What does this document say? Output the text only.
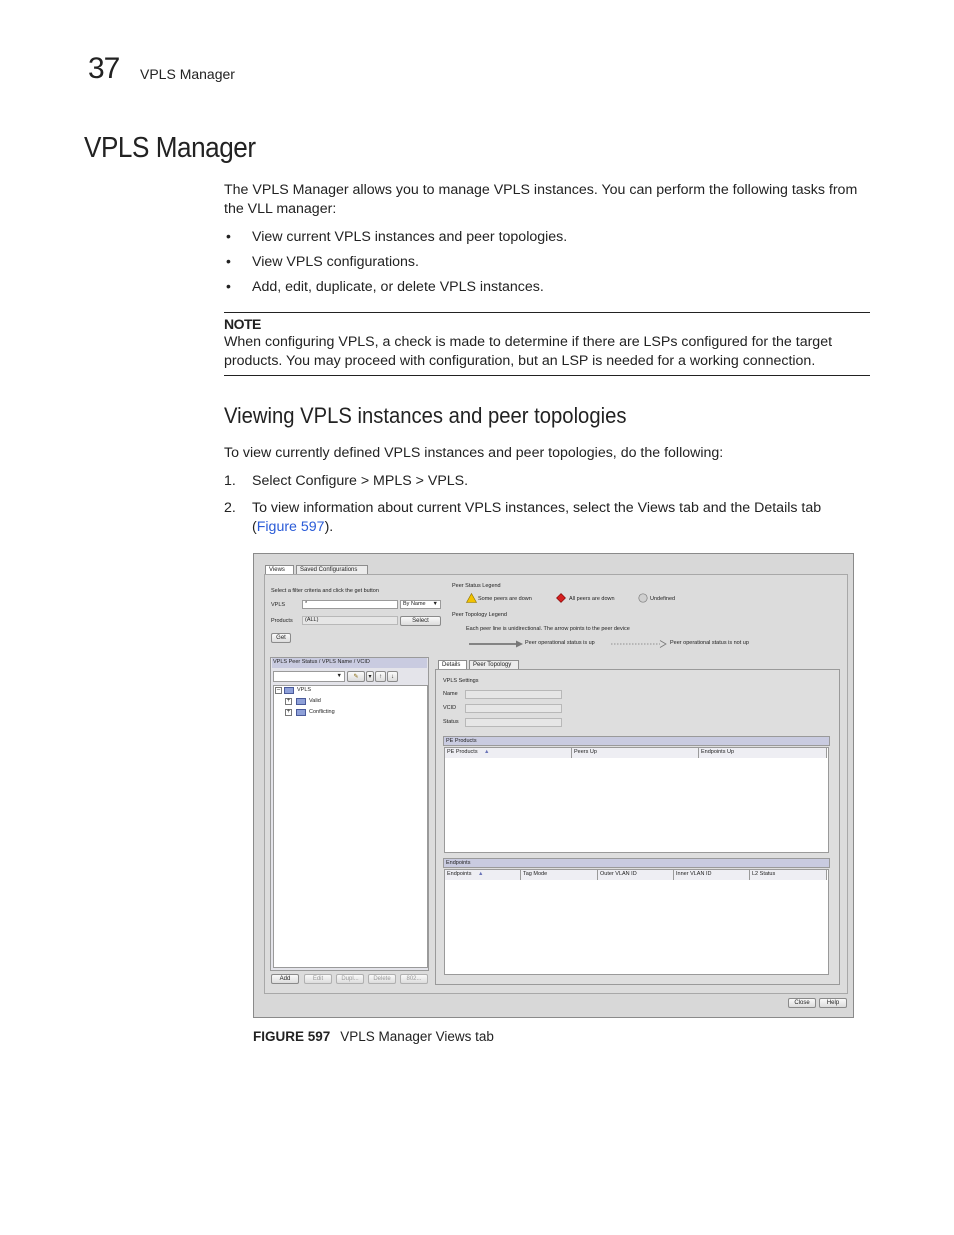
37 VPLS Manager
VPLS Manager
The VPLS Manager allows you to manage VPLS instances. You can perform the following tasks from the VLL manager:
• View current VPLS instances and peer topologies.
• View VPLS configurations.
• Add, edit, duplicate, or delete VPLS instances.
NOTE
When configuring VPLS, a check is made to determine if there are LSPs configured for the target products. You may proceed with configuration, but an LSP is needed for a working connection.
Viewing VPLS instances and peer topologies
To view currently defined VPLS instances and peer topologies, do the following:
1. Select Configure > MPLS > VPLS.
2. To view information about current VPLS instances, select the Views tab and the Details tab
(Figure 597).
Views	Saved Configurations
Select a filter criteria and click the get button
VPLS	*	By Name ▼
Products	(ALL)	Select
Get
Peer Status Legend
Some peers are down	All peers are down	Undefined
Peer Topology Legend
Each peer line is unidirectional. The arrow points to the peer device
Peer operational status is up	Peer operational status is not up
VPLS Peer Status / VPLS Name / VCID
▼	✎	▾	↑	↓
–	VPLS
+	Valid
+	Conflicting
Add	Edit	Dupl...	Delete	802...
Details	Peer Topology
VPLS Settings
Name
VCID
Status
PE Products
PE Products	Peers Up	Endpoints Up
▲
Endpoints
Endpoints	Tag Mode	Outer VLAN ID	Inner VLAN ID	L2 Status
▲
Close	Help
FIGURE 597 VPLS Manager Views tab
